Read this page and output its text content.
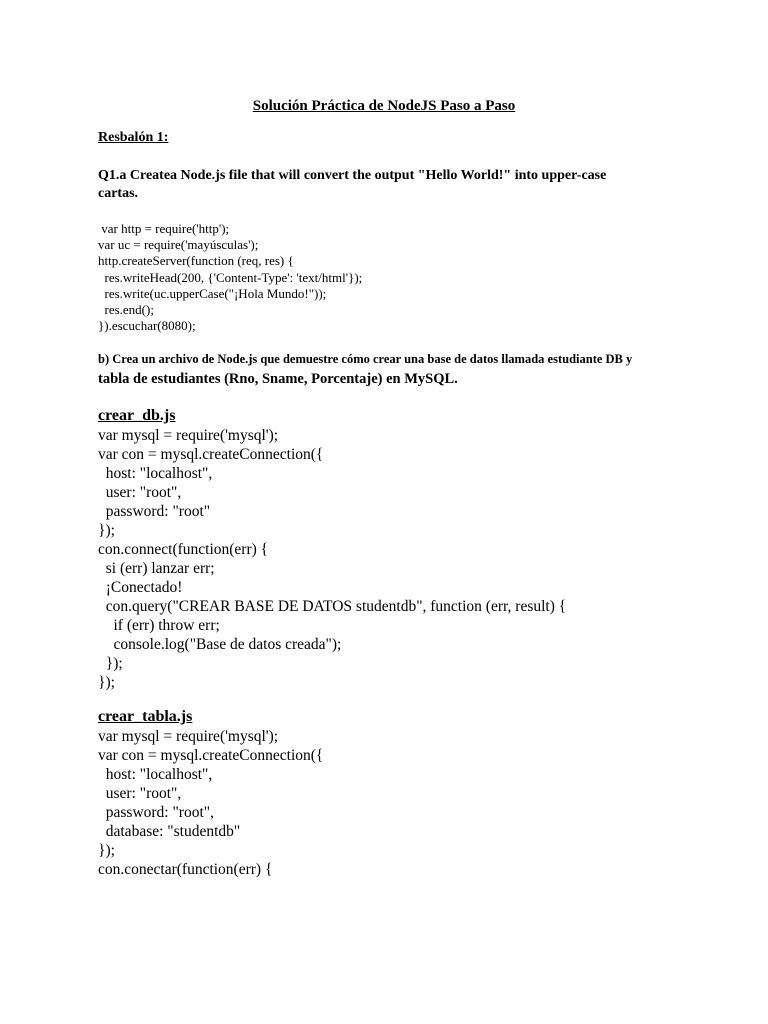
Solución Práctica de NodeJS Paso a Paso
Resbalón 1:
Q1.a Createa Node.js file that will convert the output "Hello World!" into upper-case cartas.
var http = require('http');
var uc = require('mayúsculas');
http.createServer(function (req, res) {
res.writeHead(200, {'Content-Type': 'text/html'});
res.write(uc.upperCase("¡Hola Mundo!"));
res.end();
}).escuchar(8080);
b) Crea un archivo de Node.js que demuestre cómo crear una base de datos llamada estudiante DB y
tabla de estudiantes (Rno, Sname, Porcentaje) en MySQL.
crear_db.js
var mysql = require('mysql');
var con = mysql.createConnection({
host: "localhost",
user: "root",
password: "root"
});
con.connect(function(err) {
si (err) lanzar err;
¡Conectado!
con.query("CREAR BASE DE DATOS studentdb", function (err, result) {
if (err) throw err;
console.log("Base de datos creada");
});
});
crear_tabla.js
var mysql = require('mysql');
var con = mysql.createConnection({
host: "localhost",
user: "root",
password: "root",
database: "studentdb"
});
con.conectar(function(err) {
